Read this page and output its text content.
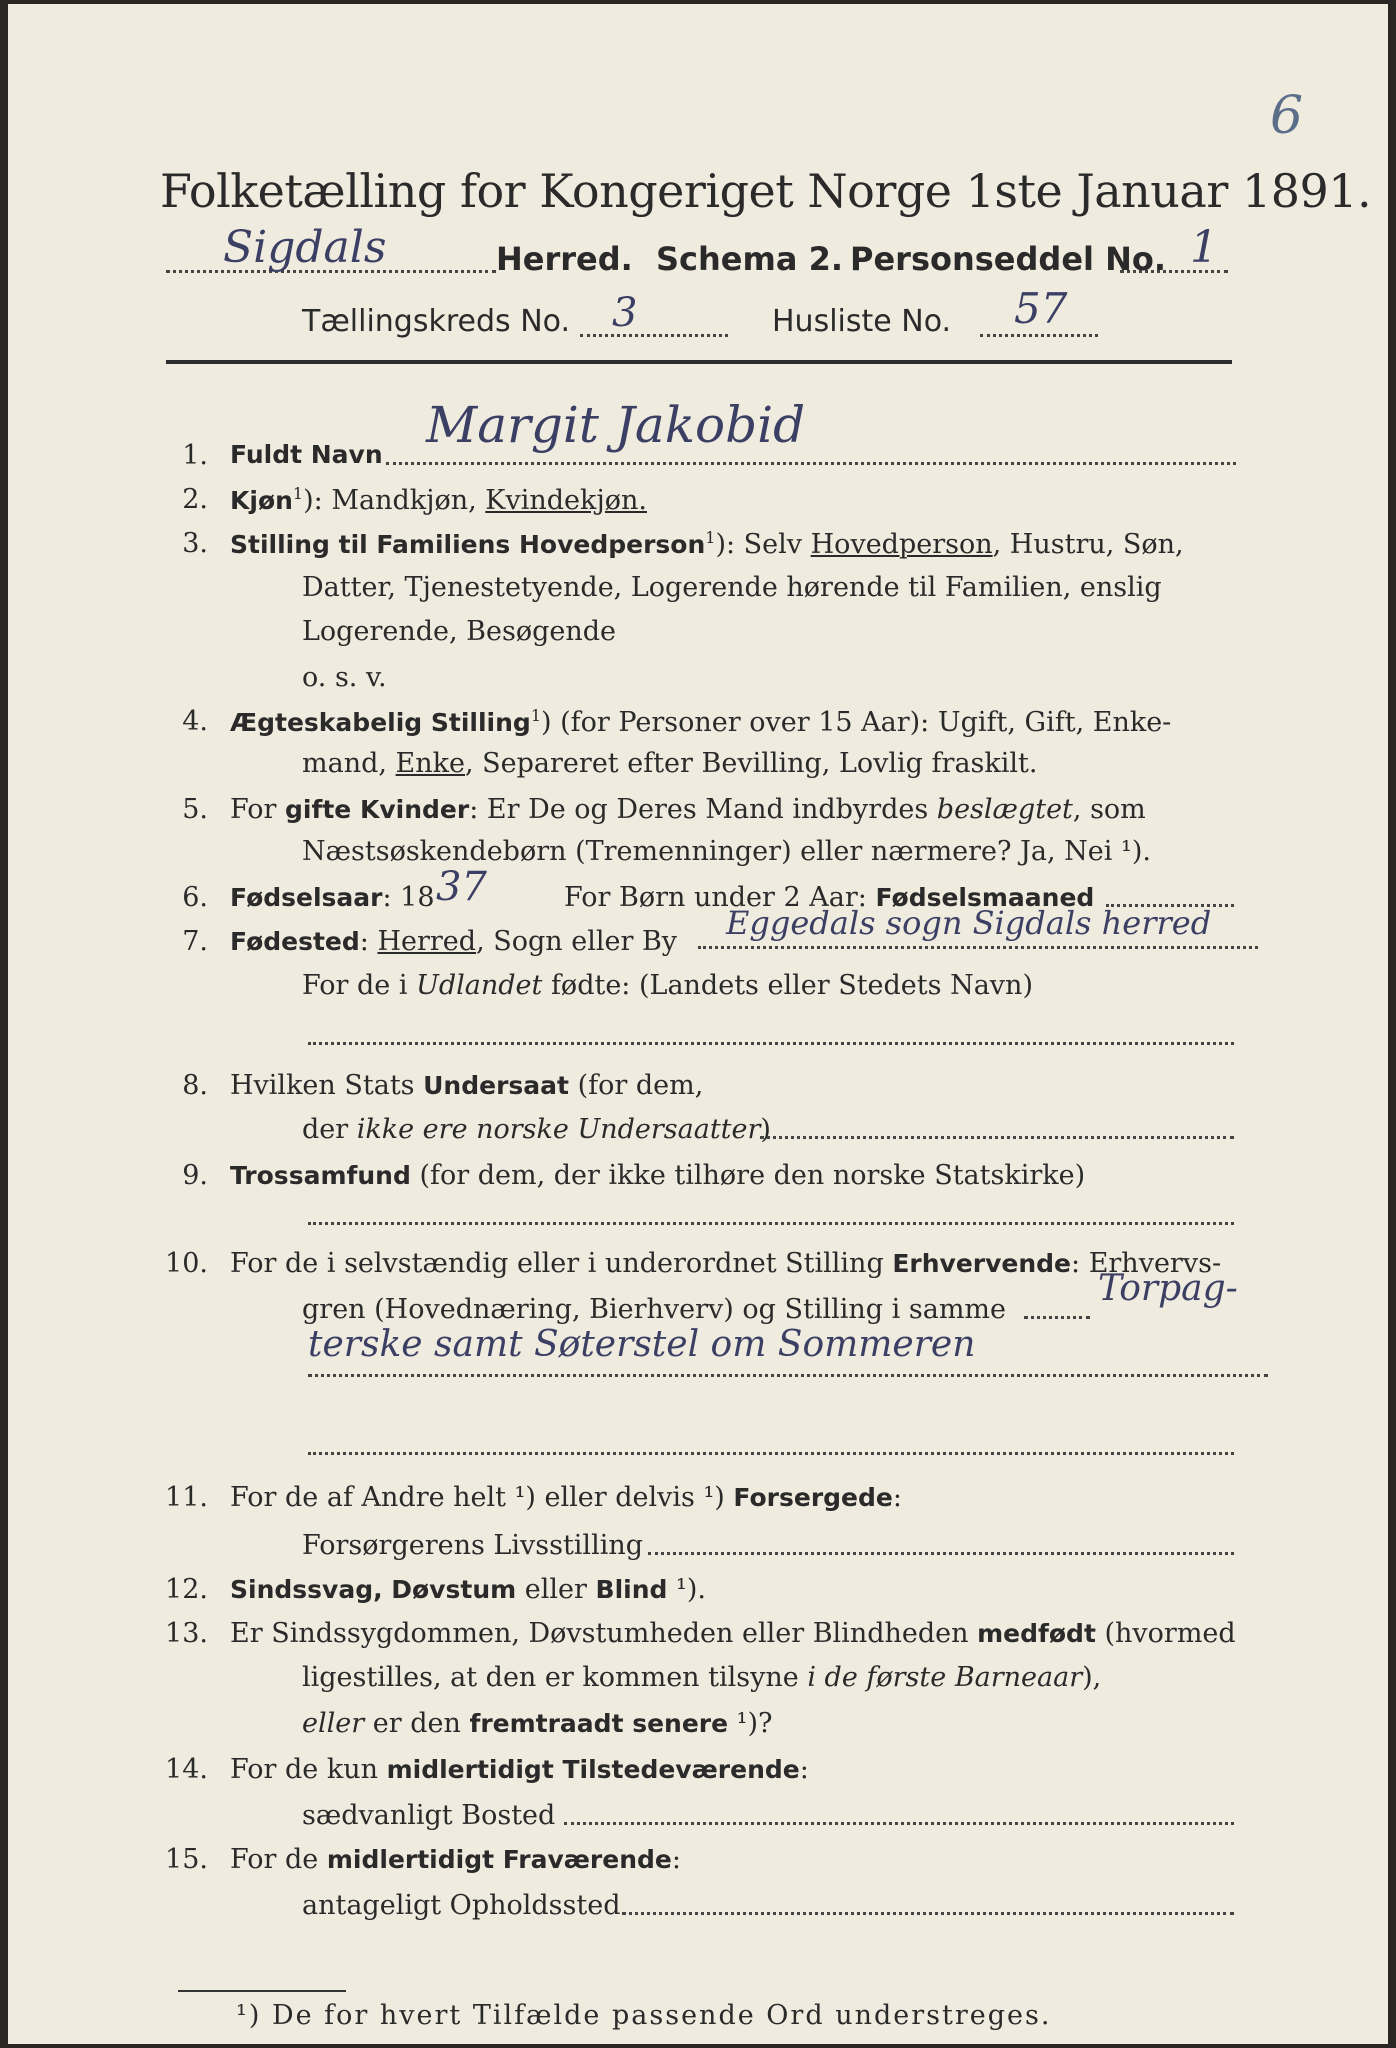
6
Folketælling for Kongeriget Norge 1ste Januar 1891.
Sigdals	Herred. Schema 2. Personseddel No. 1
Tællingskreds No. 3	Husliste No. 57
1. Fuldt Navn
Margit Jakobid
2. Kjøn$^1$): Mandkjøn, Kvindekjøn.
3. Stilling til Familiens Hovedperson$^1$): Selv Hovedperson, Hustru, Søn,
Datter, Tjenestetyende, Logerende hørende til Familien, enslig
Logerende, Besøgende
o. s. v.
4. Ægteskabelig Stilling$^1$) (for Personer over 15 Aar): Ugift, Gift, Enke-
mand, Enke, Separeret efter Bevilling, Lovlig fraskilt.
5. For gifte Kvinder: Er De og Deres Mand indbyrdes beslægtet, som
Næstsøskendebørn (Tremenninger) eller nærmere? Ja, Nei ¹).
6. Fødselsaar: 18 37	For Børn under 2 Aar: Fødselsmaaned
7. Fødested: Herred, Sogn eller By Eggedals sogn Sigdals herred
For de i Udlandet fødte: (Landets eller Stedets Navn)
8. Hvilken Stats Undersaat (for dem,
der ikke ere norske Undersaatter)
9. Trossamfund (for dem, der ikke tilhøre den norske Statskirke)
10. For de i selvstændig eller i underordnet Stilling Erhvervende: Erhvervs-
gren (Hovednæring, Bierhverv) og Stilling i samme
Torpag-
terske samt Søterstel om Sommeren
11. For de af Andre helt ¹) eller delvis ¹) Forsergede:
Forsørgerens Livsstilling
12. Sindssvag, Døvstum eller Blind ¹).
13. Er Sindssygdommen, Døvstumheden eller Blindheden medfødt (hvormed
ligestilles, at den er kommen tilsyne i de første Barneaar),
eller er den fremtraadt senere ¹)?
14. For de kun midlertidigt Tilstedeværende:
sædvanligt Bosted
15. For de midlertidigt Fraværende:
antageligt Opholdssted
¹) De for hvert Tilfælde passende Ord understreges.
